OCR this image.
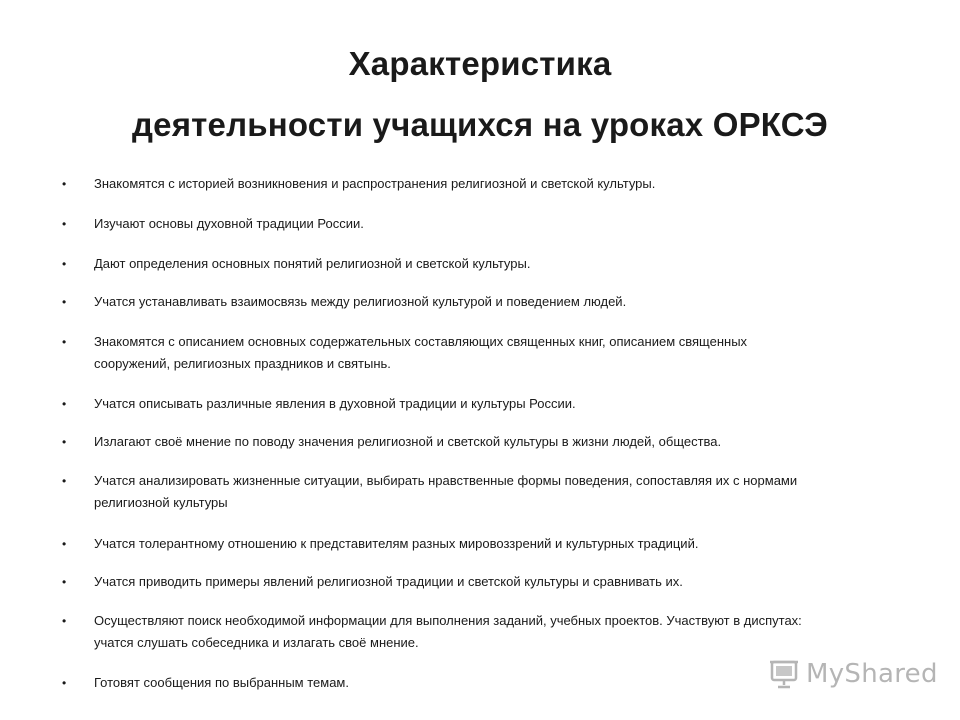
Характеристика
деятельности учащихся на уроках ОРКСЭ
• Знакомятся с историей возникновения и распространения религиозной и светской культуры.
• Изучают основы духовной традиции России.
• Дают определения основных понятий религиозной и светской культуры.
• Учатся устанавливать взаимосвязь между религиозной культурой и поведением людей.
• Знакомятся с описанием основных содержательных составляющих священных книг, описанием священных
сооружений, религиозных праздников и святынь.
• Учатся описывать различные явления в духовной традиции и культуры России.
• Излагают своё мнение по поводу значения религиозной и светской культуры в жизни людей, общества.
• Учатся анализировать жизненные ситуации, выбирать нравственные формы поведения, сопоставляя их с нормами
религиозной культуры
• Учатся толерантному отношению к представителям разных мировоззрений и культурных традиций.
• Учатся приводить примеры явлений религиозной традиции и светской культуры и сравнивать их.
• Осуществляют поиск необходимой информации для выполнения заданий, учебных проектов. Участвуют в диспутах:
учатся слушать собеседника и излагать своё мнение.
• Готовят сообщения по выбранным темам.	MyShared
